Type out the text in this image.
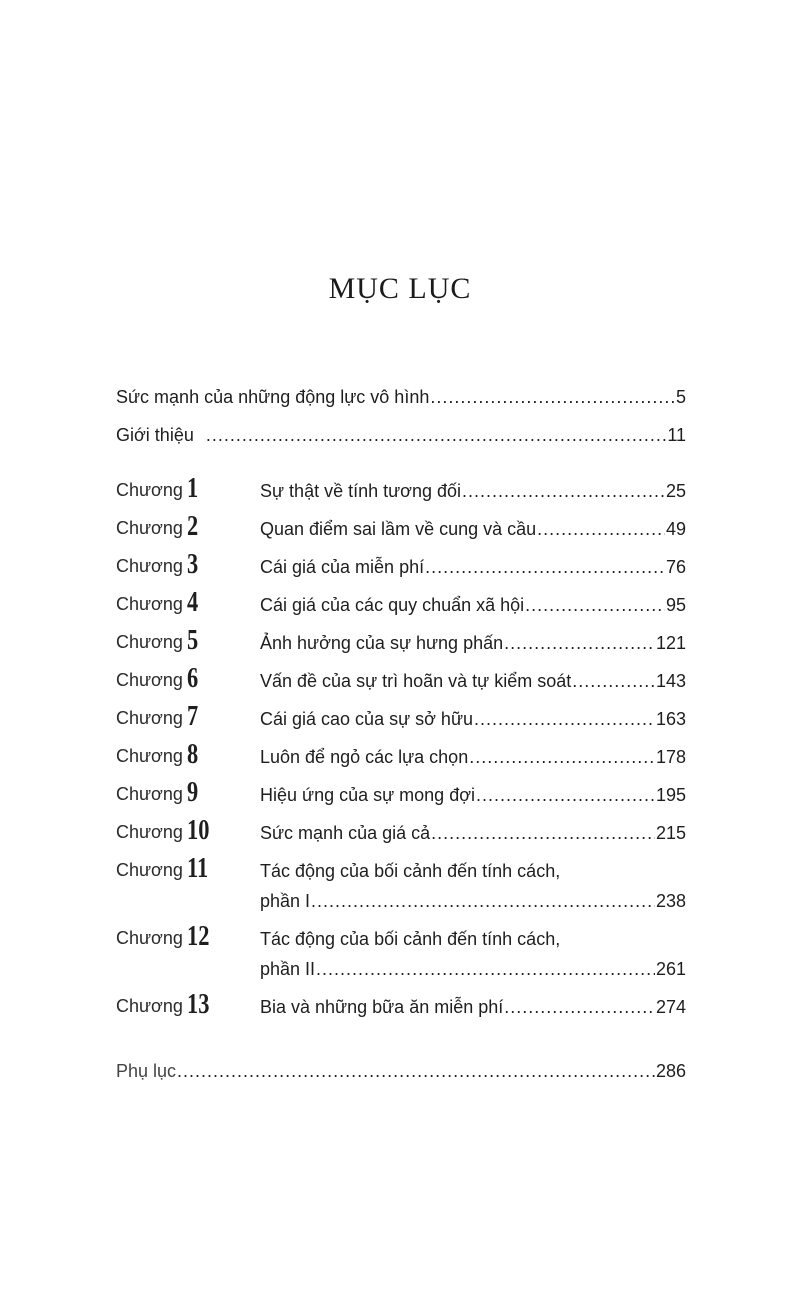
MỤC LỤC
Sức mạnh của những động lực vô hình .....	5
Giới thiệu .....	11
Chương 1	Sự thật về tính tương đối .....	25
Chương 2	Quan điểm sai lầm về cung và cầu .....	49
Chương 3	Cái giá của miễn phí .....	76
Chương 4	Cái giá của các quy chuẩn xã hội .....	95
Chương 5	Ảnh hưởng của sự hưng phấn .....	121
Chương 6	Vấn đề của sự trì hoãn và tự kiểm soát .....	143
Chương 7	Cái giá cao của sự sở hữu .....	163
Chương 8	Luôn để ngỏ các lựa chọn .....	178
Chương 9	Hiệu ứng của sự mong đợi .....	195
Chương 10	Sức mạnh của giá cả .....	215
Chương 11	Tác động của bối cảnh đến tính cách,
phần I .....	238
Chương 12	Tác động của bối cảnh đến tính cách,
phần II .....	261
Chương 13	Bia và những bữa ăn miễn phí .....	274
Phụ lục .....	286
